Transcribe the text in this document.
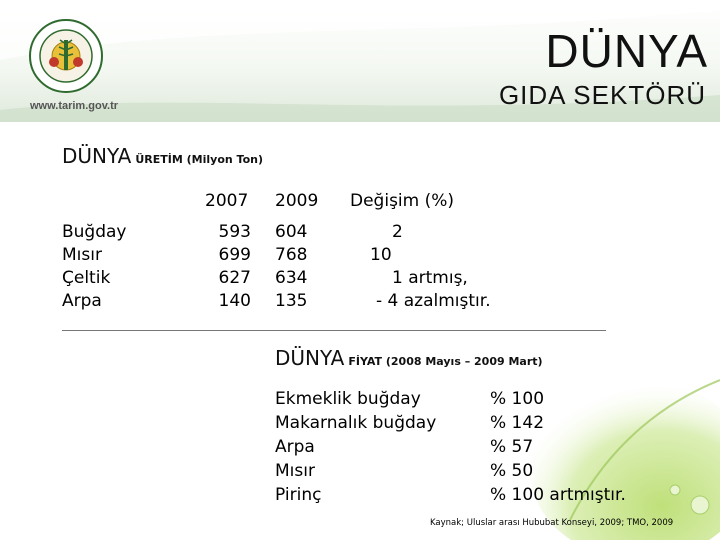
www.tarim.gov.tr
DÜNYA
GIDA SEKTÖRÜ
DÜNYA ÜRETİM (Milyon Ton)
2007 2009 Değişim (%)
Buğday
Mısır
Çeltik
Arpa
593
699
627
140
604
768
634
135
2
10
1 artmış,
- 4 azalmıştır.
DÜNYA FİYAT (2008 Mayıs – 2009 Mart)
Ekmeklik buğday
Makarnalık buğday
Arpa
Mısır
Pirinç
% 100
% 142
% 57
% 50
% 100 artmıştır.
Kaynak; Uluslar arası Hububat Konseyi, 2009; TMO, 2009
